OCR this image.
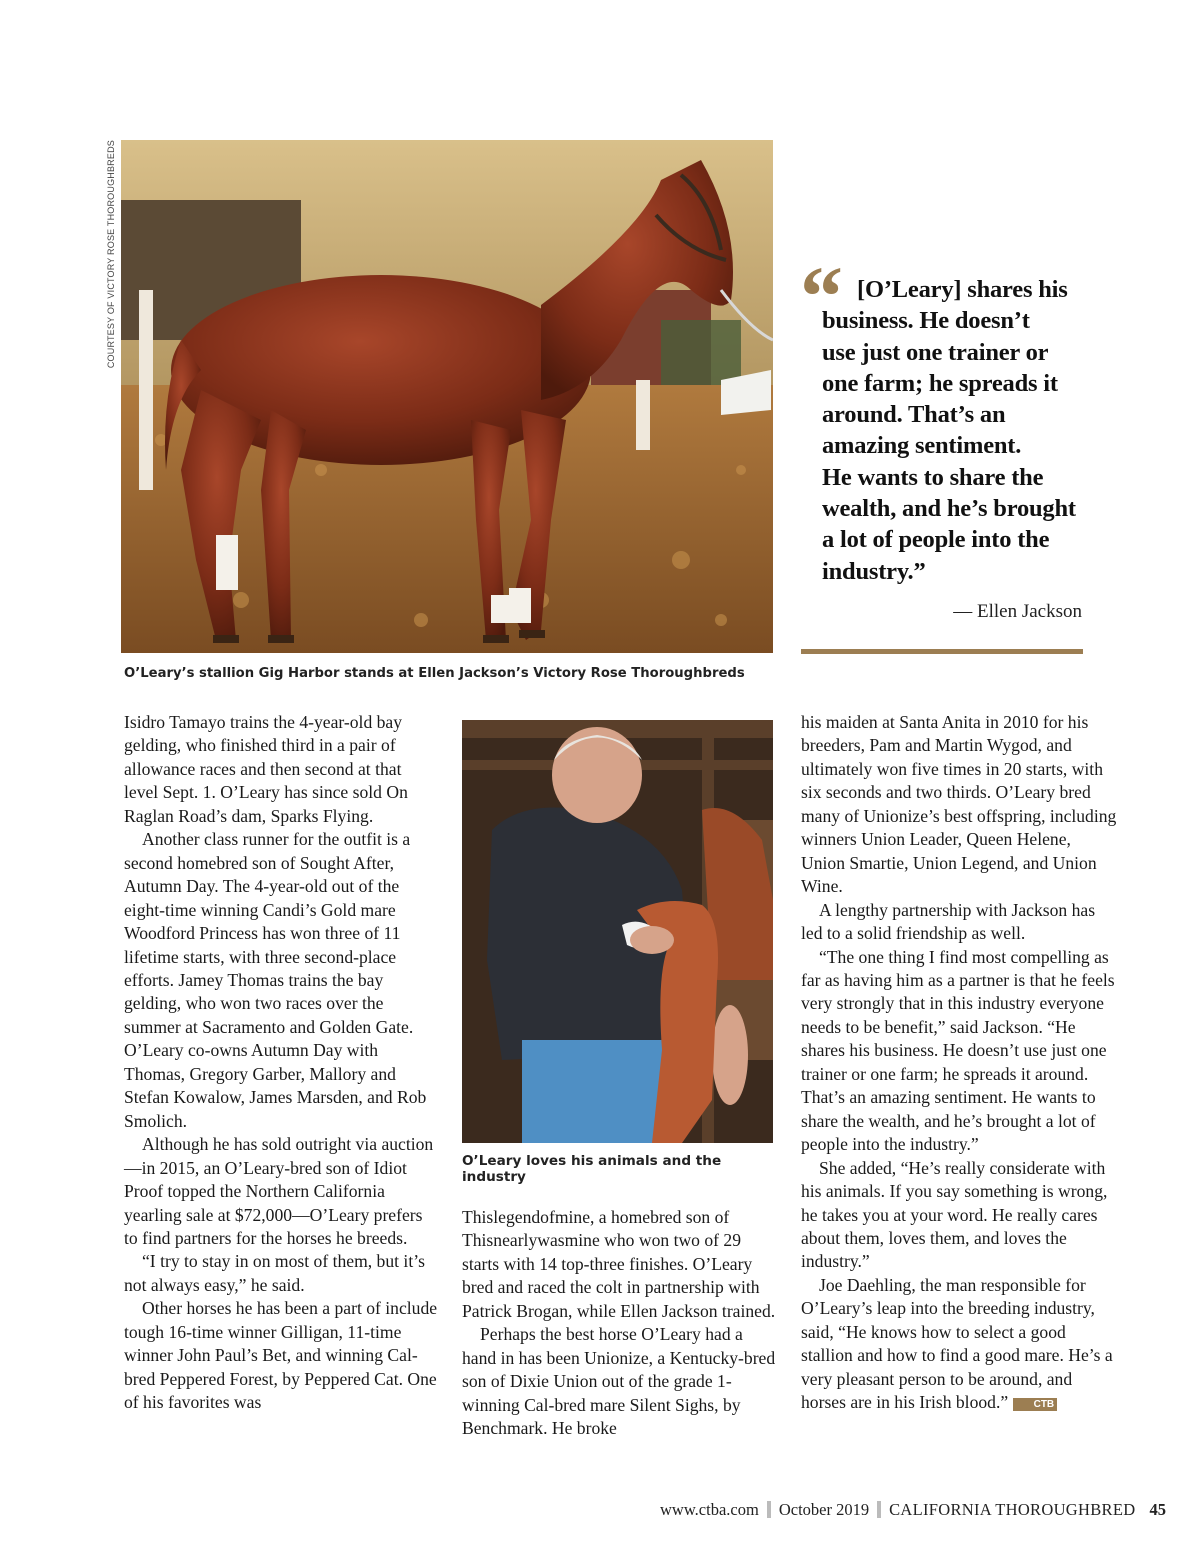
COURTESY OF VICTORY ROSE THOROUGHBREDS
O’Leary’s stallion Gig Harbor stands at Ellen Jackson’s Victory Rose Thoroughbreds
“ [O’Leary] shares his
business. He doesn’t
use just one trainer or
one farm; he spreads it
around. That’s an
amazing sentiment.
He wants to share the
wealth, and he’s brought
a lot of people into the
industry.”
— Ellen Jackson

Isidro Tamayo trains the 4-year-old bay gelding, who finished third in a pair of allowance races and then second at that level Sept. 1. O’Leary has since sold On Raglan Road’s dam, Sparks Flying.

Another class runner for the outfit is a second homebred son of Sought After, Autumn Day. The 4-year-old out of the eight-time winning Candi’s Gold mare Woodford Princess has won three of 11 lifetime starts, with three second-place efforts. Jamey Thomas trains the bay gelding, who won two races over the summer at Sacramento and Golden Gate. O’Leary co-owns Autumn Day with Thomas, Gregory Garber, Mallory and Stefan Kowalow, James Marsden, and Rob Smolich.

Although he has sold outright via auction—in 2015, an O’Leary-bred son of Idiot Proof topped the Northern California yearling sale at $72,000—O’Leary prefers to find partners for the horses he breeds.

“I try to stay in on most of them, but it’s not always easy,” he said.

Other horses he has been a part of include tough 16-time winner Gilligan, 11-time winner John Paul’s Bet, and winning Cal-bred Peppered Forest, by Peppered Cat. One of his favorites was

O’Leary loves his animals and the industry

Thislegendofmine, a homebred son of Thisnearlywasmine who won two of 29 starts with 14 top-three finishes. O’Leary bred and raced the colt in partnership with Patrick Brogan, while Ellen Jackson trained.

Perhaps the best horse O’Leary had a hand in has been Unionize, a Kentucky-bred son of Dixie Union out of the grade 1-winning Cal-bred mare Silent Sighs, by Benchmark. He broke

his maiden at Santa Anita in 2010 for his breeders, Pam and Martin Wygod, and ultimately won five times in 20 starts, with six seconds and two thirds. O’Leary bred many of Unionize’s best offspring, including winners Union Leader, Queen Helene, Union Smartie, Union Legend, and Union Wine.

A lengthy partnership with Jackson has led to a solid friendship as well.

“The one thing I find most compelling as far as having him as a partner is that he feels very strongly that in this industry everyone needs to be benefit,” said Jackson. “He shares his business. He doesn’t use just one trainer or one farm; he spreads it around. That’s an amazing sentiment. He wants to share the wealth, and he’s brought a lot of people into the industry.”

She added, “He’s really considerate with his animals. If you say something is wrong, he takes you at your word. He really cares about them, loves them, and loves the industry.”

Joe Daehling, the man responsible for O’Leary’s leap into the breeding industry, said, “He knows how to select a good stallion and how to find a good mare. He’s a very pleasant person to be around, and horses are in his Irish blood.”	CTB

www.ctba.com October 2019 CALIFORNIA THOROUGHBRED 45
